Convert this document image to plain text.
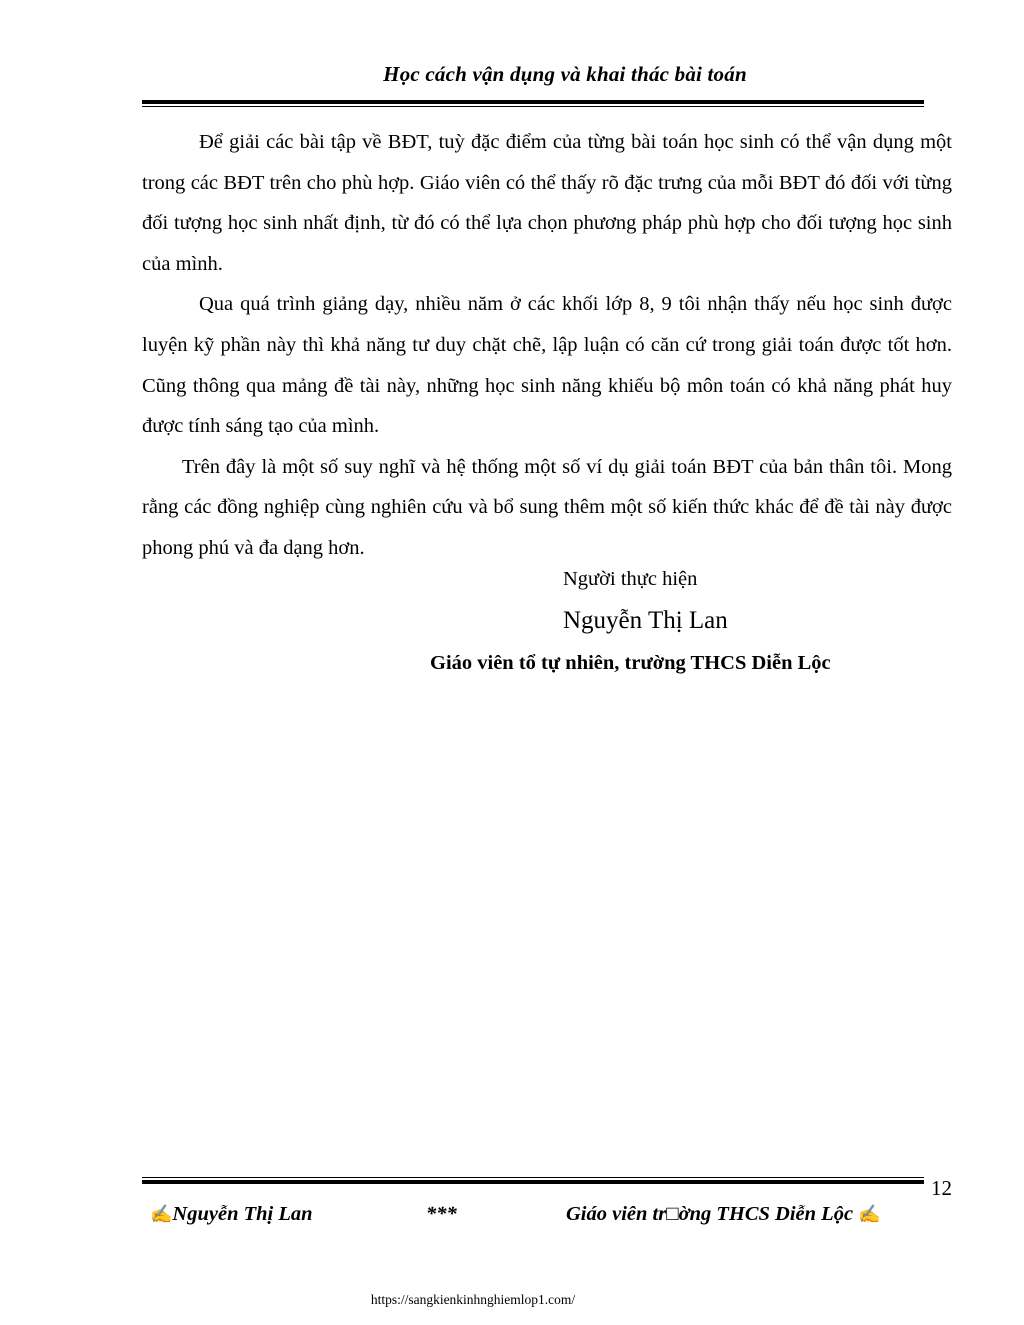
Học cách vận dụng và khai thác bài toán

Để giải các bài tập về BĐT, tuỳ đặc điểm của từng bài toán học sinh có thể vận dụng một trong các BĐT trên cho phù hợp. Giáo viên có thể thấy rõ đặc trưng của mỗi BĐT đó đối với từng đối tượng học sinh nhất định, từ đó có thể lựa chọn phương pháp phù hợp cho đối tượng học sinh của mình.

Qua quá trình giảng dạy, nhiều năm ở các khối lớp 8, 9 tôi nhận thấy nếu học sinh được luyện kỹ phần này thì khả năng tư duy chặt chẽ, lập luận có căn cứ trong giải toán được tốt hơn. Cũng thông qua mảng đề tài này, những học sinh năng khiếu bộ môn toán có khả năng phát huy được tính sáng tạo của mình.

Trên đây là một số suy nghĩ và hệ thống một số ví dụ giải toán BĐT của bản thân tôi. Mong rằng các đồng nghiệp cùng nghiên cứu và bổ sung thêm một số kiến thức khác để đề tài này được phong phú và đa dạng hơn.

Người thực hiện
Nguyễn Thị Lan
Giáo viên tổ tự nhiên, trường THCS Diễn Lộc
12
✍Nguyễn Thị Lan	***	Giáo viên tr□ờng THCS Diễn Lộc ✍
https://sangkienkinhnghiemlop1.com/
